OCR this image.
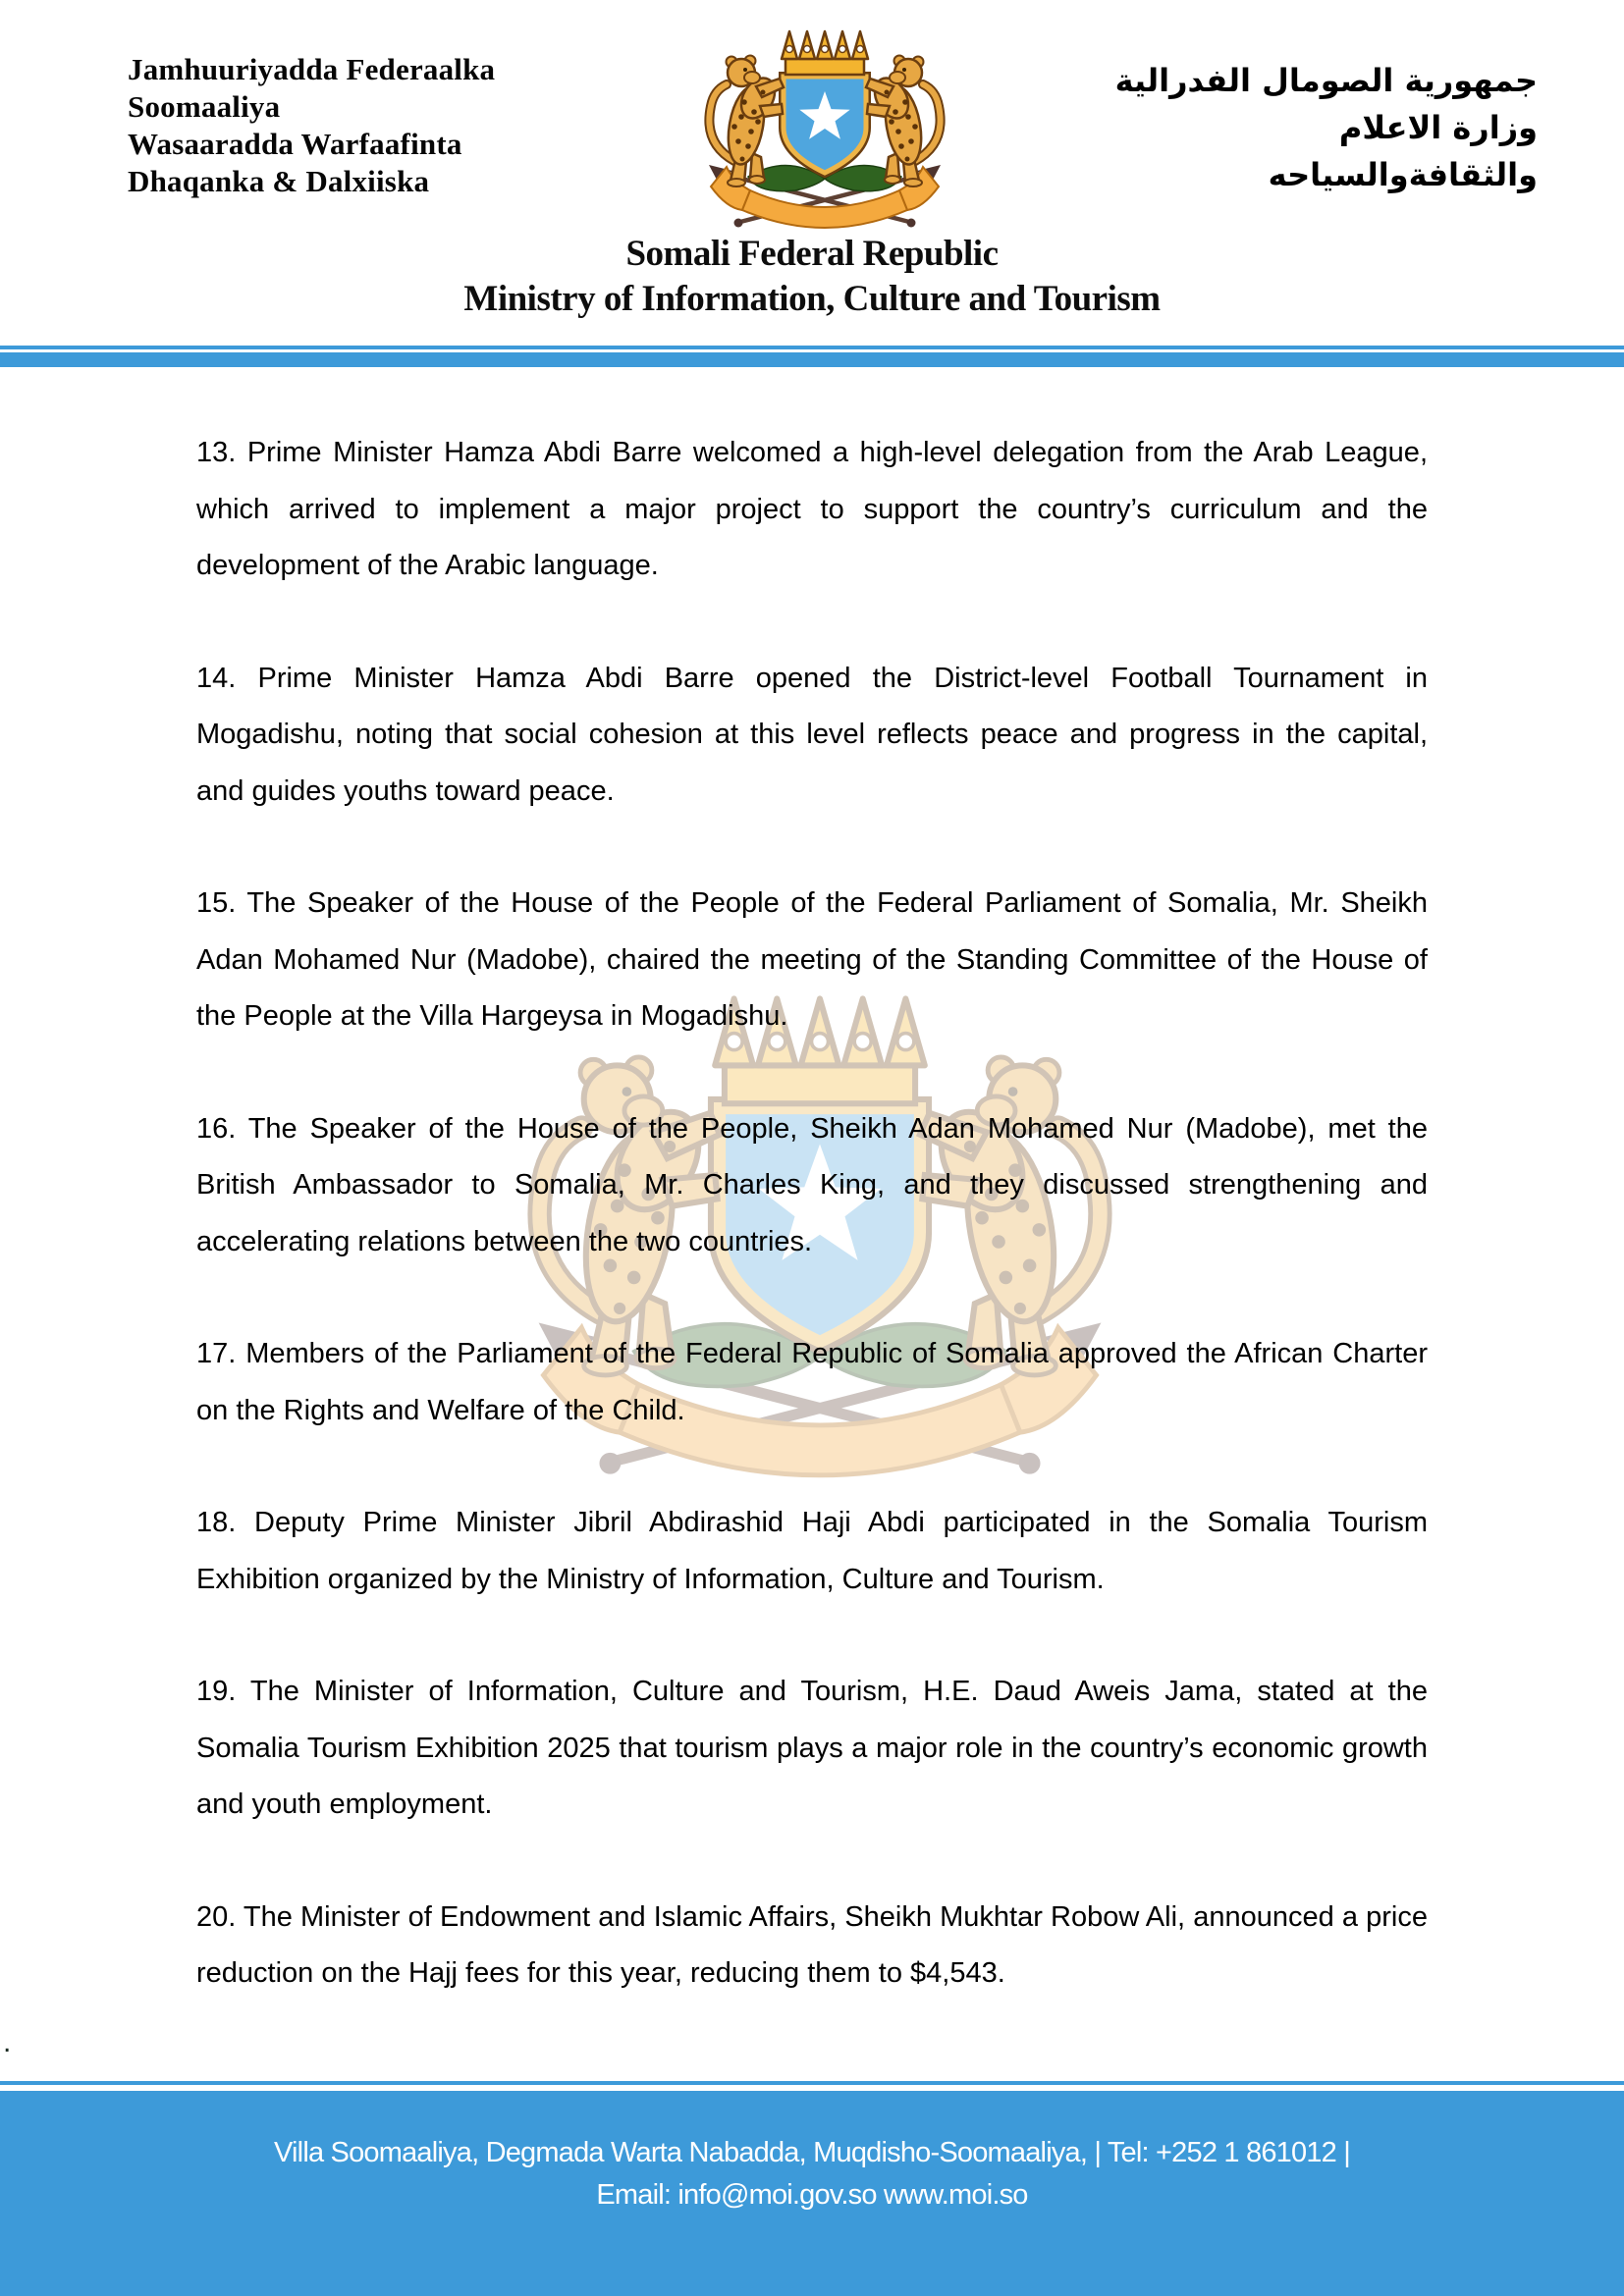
Jamhuuriyadda Federaalka
Soomaaliya
Wasaaradda Warfaafinta
Dhaqanka & Dalxiiska
جمهورية الصومال الفدرالية
وزارة الاعلام
والثقافةوالسياحه
Somali Federal Republic
Ministry of Information, Culture and Tourism

13. Prime Minister Hamza Abdi Barre welcomed a high-level delegation from the Arab League, which arrived to implement a major project to support the country’s curriculum and the development of the Arabic language.

14. Prime Minister Hamza Abdi Barre opened the District-level Football Tournament in Mogadishu, noting that social cohesion at this level reflects peace and progress in the capital, and guides youths toward peace.

15. The Speaker of the House of the People of the Federal Parliament of Somalia, Mr. Sheikh Adan Mohamed Nur (Madobe), chaired the meeting of the Standing Committee of the House of the People at the Villa Hargeysa in Mogadishu.

16. The Speaker of the House of the People, Sheikh Adan Mohamed Nur (Madobe), met the British Ambassador to Somalia, Mr. Charles King, and they discussed strengthening and accelerating relations between the two countries.

17. Members of the Parliament of the Federal Republic of Somalia approved the African Charter on the Rights and Welfare of the Child.

18. Deputy Prime Minister Jibril Abdirashid Haji Abdi participated in the Somalia Tourism Exhibition organized by the Ministry of Information, Culture and Tourism.

19. The Minister of Information, Culture and Tourism, H.E. Daud Aweis Jama, stated at the Somalia Tourism Exhibition 2025 that tourism plays a major role in the country’s economic growth and youth employment.

20. The Minister of Endowment and Islamic Affairs, Sheikh Mukhtar Robow Ali, announced a price reduction on the Hajj fees for this year, reducing them to $4,543.

.
Villa Soomaaliya, Degmada Warta Nabadda, Muqdisho-Soomaaliya, | Tel: +252 1 861012 |
Email: info@moi.gov.so www.moi.so
